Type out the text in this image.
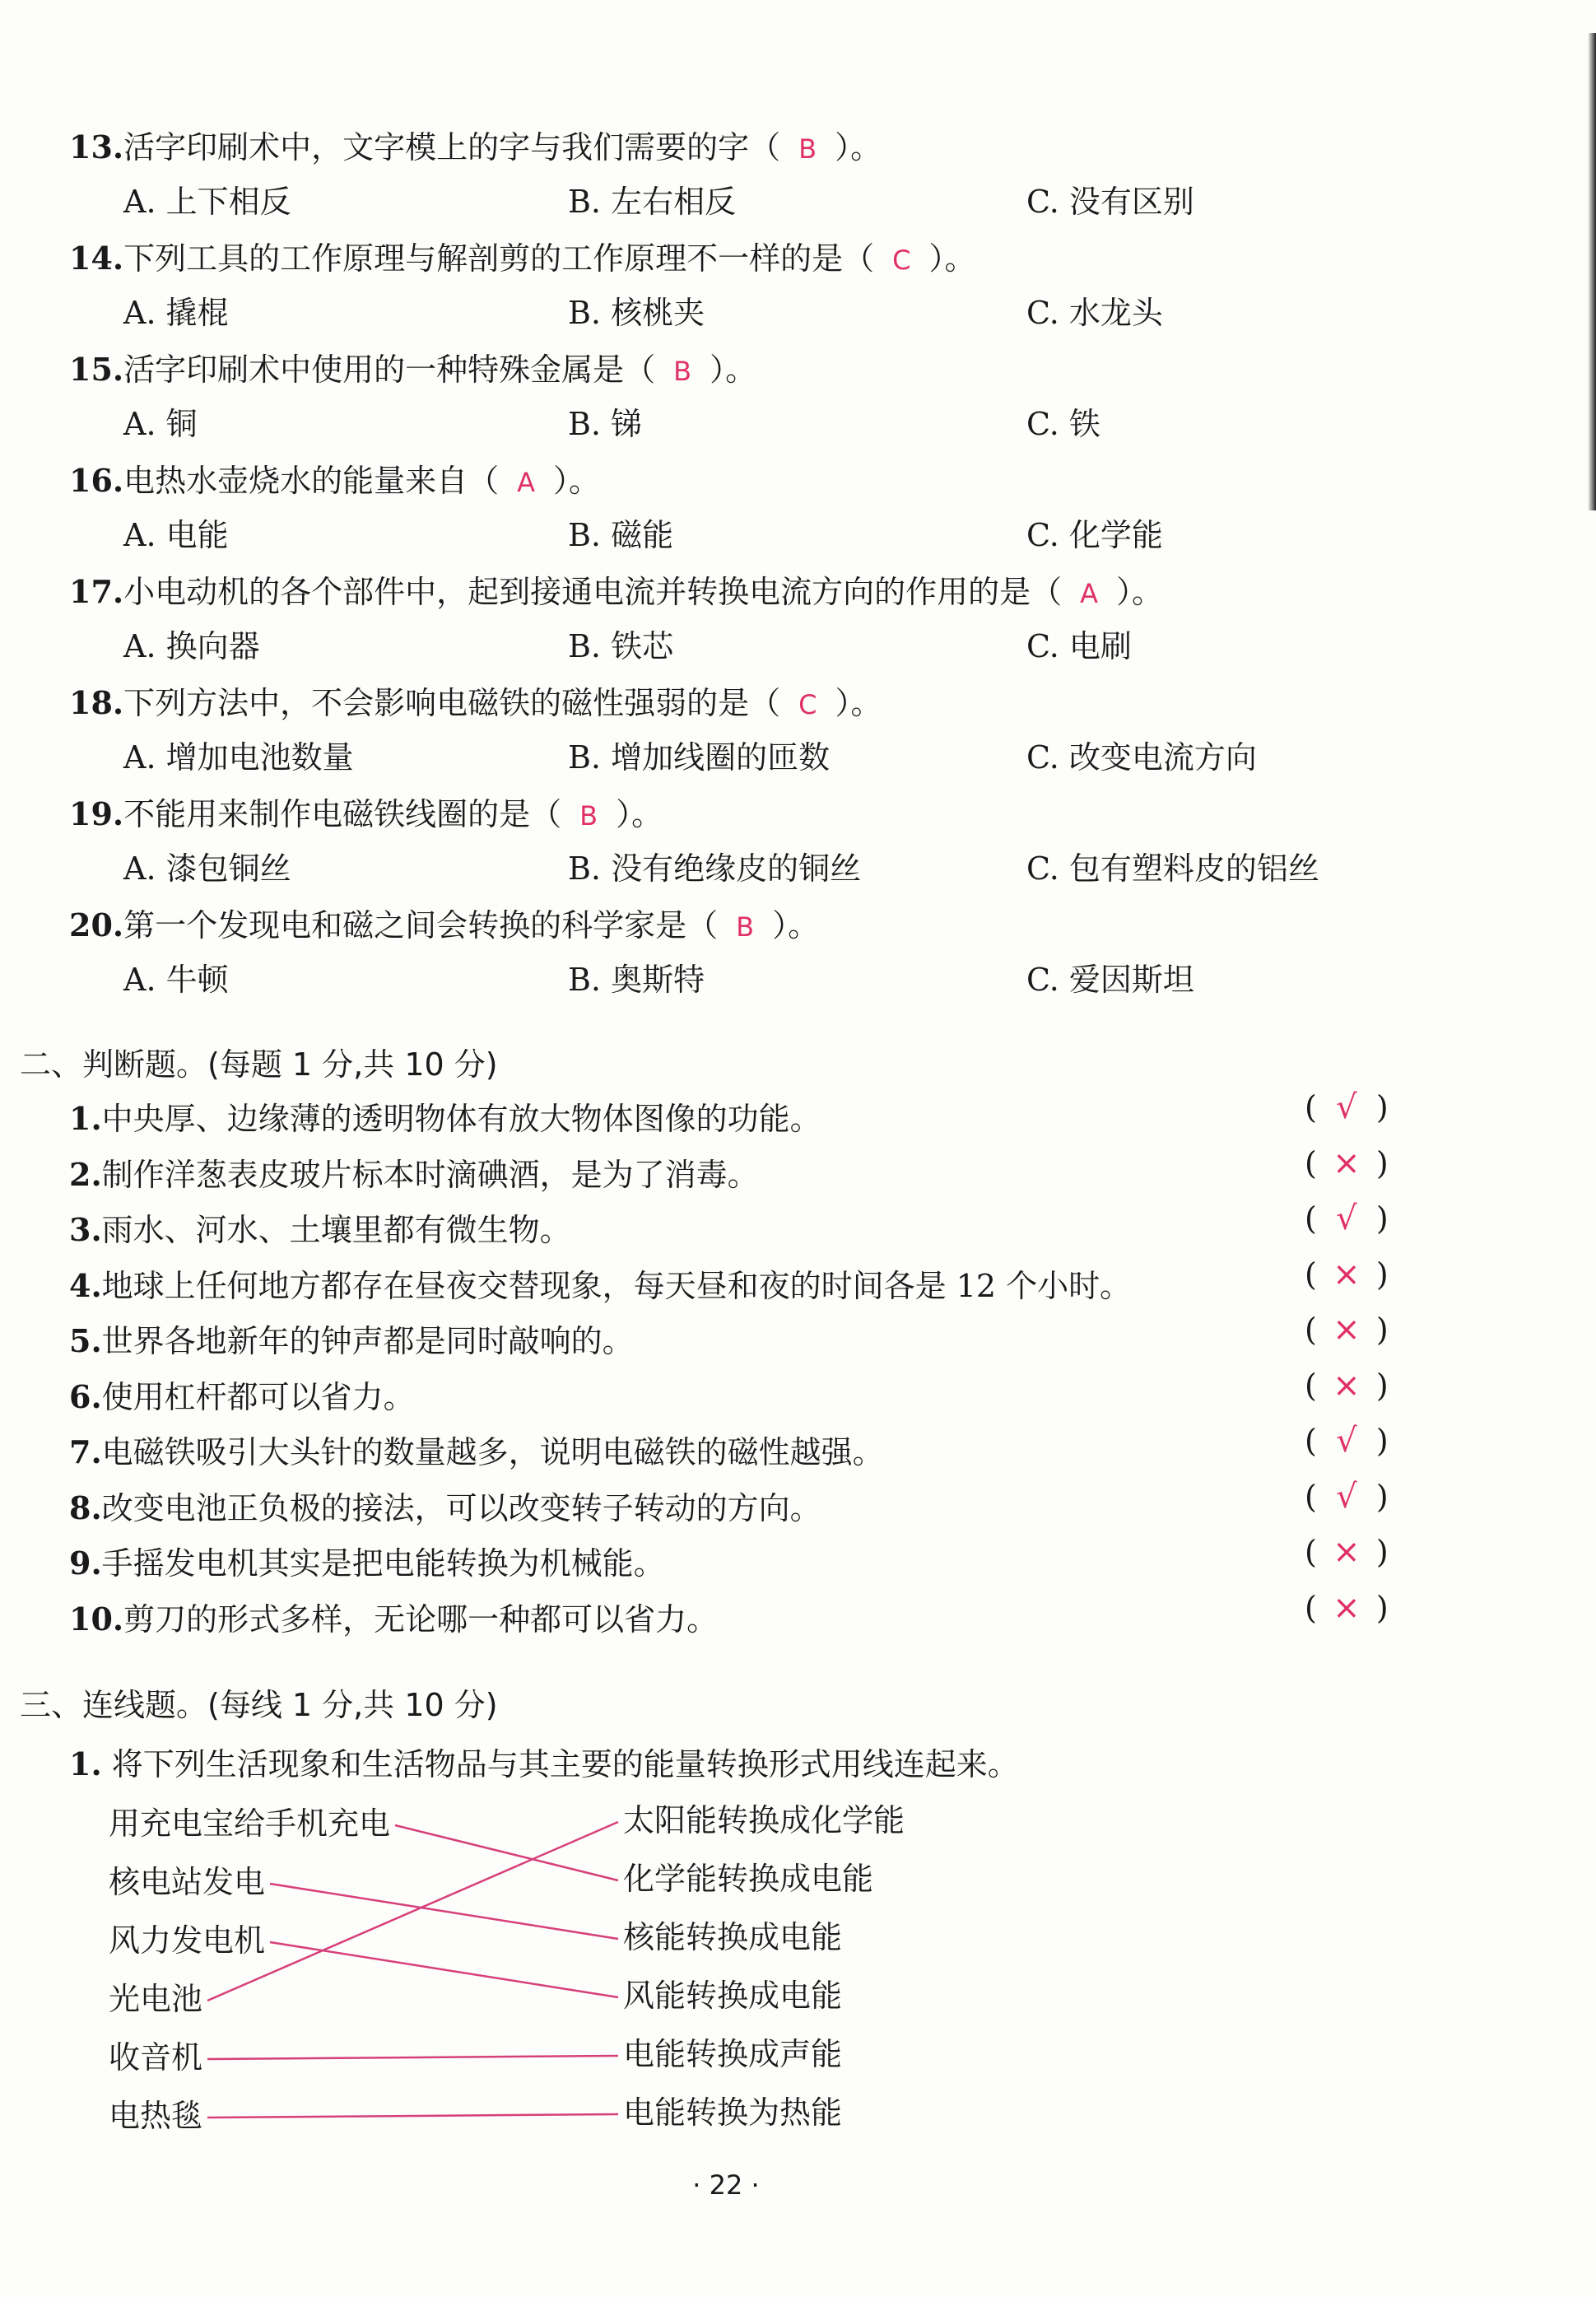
13.活字印刷术中，文字模上的字与我们需要的字（ B ）。
A. 上下相反	B. 左右相反	C. 没有区别
14.下列工具的工作原理与解剖剪的工作原理不一样的是（ C ）。
A. 撬棍	B. 核桃夹	C. 水龙头
15.活字印刷术中使用的一种特殊金属是（ B ）。
A. 铜	B. 锑	C. 铁
16.电热水壶烧水的能量来自（ A ）。
A. 电能	B. 磁能	C. 化学能
17.小电动机的各个部件中，起到接通电流并转换电流方向的作用的是（ A ）。
A. 换向器	B. 铁芯	C. 电刷
18.下列方法中，不会影响电磁铁的磁性强弱的是（ C ）。
A. 增加电池数量	B. 增加线圈的匝数	C. 改变电流方向
19.不能用来制作电磁铁线圈的是（ B ）。
A. 漆包铜丝	B. 没有绝缘皮的铜丝	C. 包有塑料皮的铝丝
20.第一个发现电和磁之间会转换的科学家是（ B ）。
A. 牛顿	B. 奥斯特	C. 爱因斯坦
二、判断题。(每题 1 分,共 10 分)
1.中央厚、边缘薄的透明物体有放大物体图像的功能。	( √ )
2.制作洋葱表皮玻片标本时滴碘酒，是为了消毒。	( × )
3.雨水、河水、土壤里都有微生物。	( √ )
4.地球上任何地方都存在昼夜交替现象，每天昼和夜的时间各是 12 个小时。	( × )
5.世界各地新年的钟声都是同时敲响的。	( × )
6.使用杠杆都可以省力。	( × )
7.电磁铁吸引大头针的数量越多，说明电磁铁的磁性越强。	( √ )
8.改变电池正负极的接法，可以改变转子转动的方向。	( √ )
9.手摇发电机其实是把电能转换为机械能。	( × )
10.剪刀的形式多样，无论哪一种都可以省力。	( × )
三、连线题。(每线 1 分,共 10 分)
1. 将下列生活现象和生活物品与其主要的能量转换形式用线连起来。
用充电宝给手机充电
核电站发电
风力发电机
光电池
收音机
电热毯
太阳能转换成化学能
化学能转换成电能
核能转换成电能
风能转换成电能
电能转换成声能
电能转换为热能
· 22 ·
